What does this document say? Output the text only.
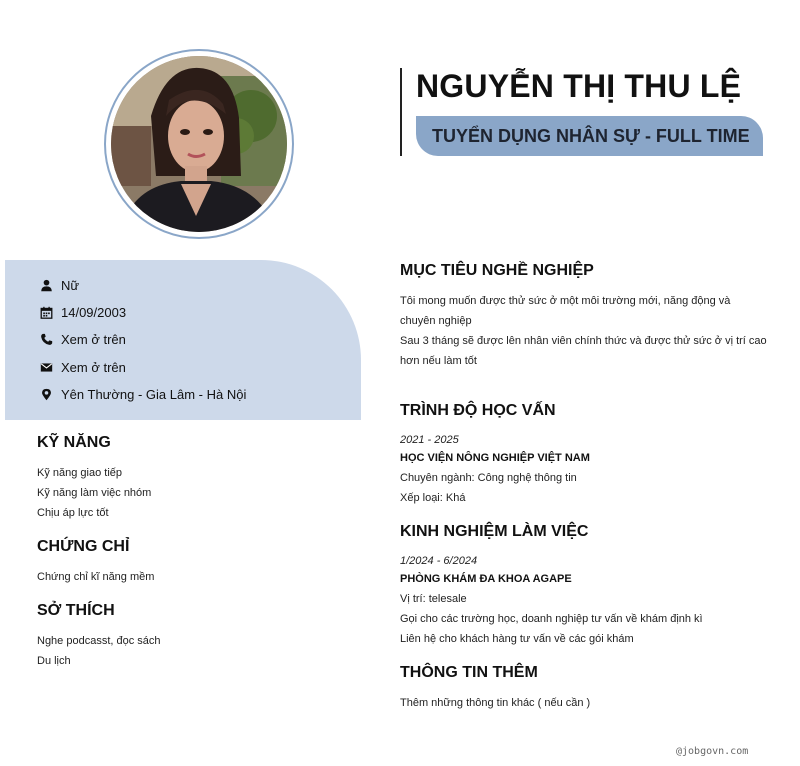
NGUYỄN THỊ THU LỆ
TUYỂN DỤNG NHÂN SỰ - FULL TIME
Nữ
14/09/2003
Xem ở trên
Xem ở trên
Yên Thường - Gia Lâm - Hà Nội
KỸ NĂNG
Kỹ năng giao tiếp
Kỹ năng làm việc nhóm
Chịu áp lực tốt
CHỨNG CHỈ
Chứng chỉ kĩ năng mềm
SỞ THÍCH
Nghe podcasst, đọc sách
Du lịch
MỤC TIÊU NGHỀ NGHIỆP
Tôi mong muốn được thử sức ở một môi trường mới, năng động và
chuyên nghiệp
Sau 3 tháng sẽ được lên nhân viên chính thức và được thử sức ở vị trí cao
hơn nếu làm tốt
TRÌNH ĐỘ HỌC VẤN
2021 - 2025
HỌC VIỆN NÔNG NGHIỆP VIỆT NAM
Chuyên ngành: Công nghệ thông tin
Xếp loại: Khá
KINH NGHIỆM LÀM VIỆC
1/2024 - 6/2024
PHÒNG KHÁM ĐA KHOA AGAPE
Vị trí: telesale
Gọi cho các trường học, doanh nghiệp tư vấn về khám định kì
Liên hệ cho khách hàng tư vấn về các gói khám
THÔNG TIN THÊM
Thêm những thông tin khác ( nếu cần )
@jobgovn.com
